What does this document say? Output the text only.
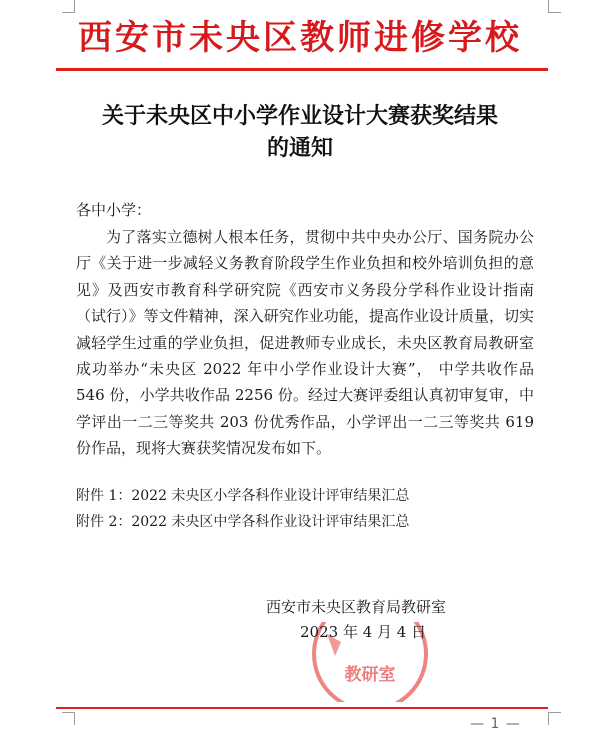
西安市未央区教师进修学校
关于未央区中小学作业设计大赛获奖结果
的通知
各中小学：
为了落实立德树人根本任务，贯彻中共中央办公厅、国务院办公厅《关于进一步减轻义务教育阶段学生作业负担和校外培训负担的意见》及西安市教育科学研究院《西安市义务段分学科作业设计指南（试行）》等文件精神，深入研究作业功能，提高作业设计质量，切实减轻学生过重的学业负担，促进教师专业成长，未央区教育局教研室成功举办“未央区 2022 年中小学作业设计大赛”， 中学共收作品 546 份，小学共收作品 2256 份。经过大赛评委组认真初审复审，中学评出一二三等奖共 203 份优秀作品，小学评出一二三等奖共 619 份作品，现将大赛获奖情况发布如下。
附件 1：2022 未央区小学各科作业设计评审结果汇总
附件 2：2022 未央区中学各科作业设计评审结果汇总
教研室
西安市未央区教育局教研室
2023 年 4 月 4 日
— 1 —
